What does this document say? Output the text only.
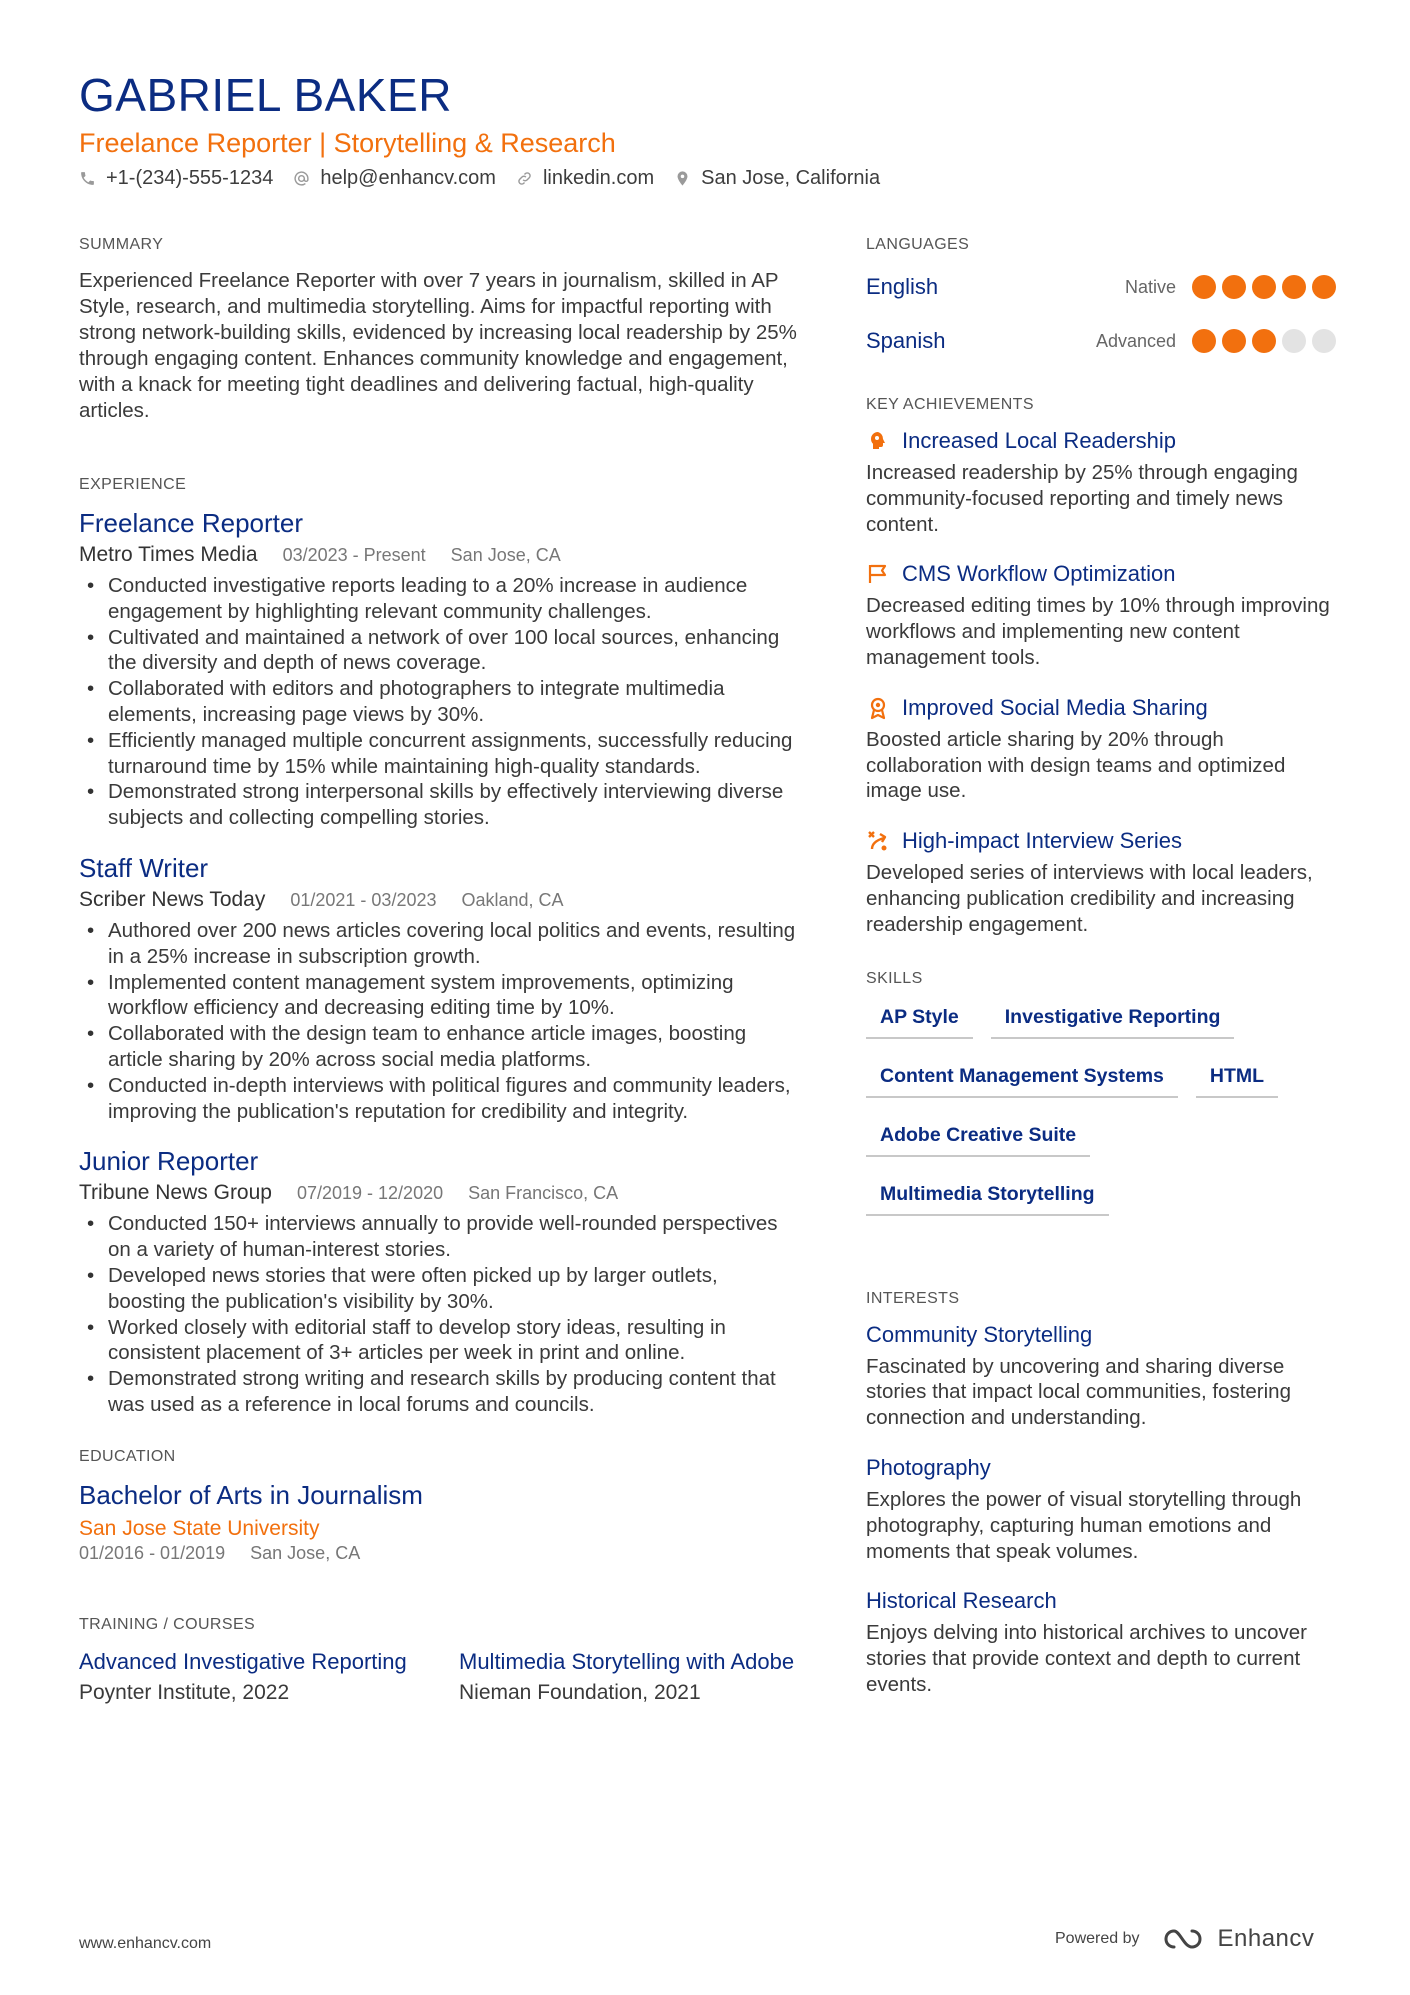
GABRIEL BAKER
Freelance Reporter | Storytelling & Research
+1-(234)-555-1234 help@enhancv.com linkedin.com San Jose, California
SUMMARY
Experienced Freelance Reporter with over 7 years in journalism, skilled in AP Style, research, and multimedia storytelling. Aims for impactful reporting with strong network-building skills, evidenced by increasing local readership by 25% through engaging content. Enhances community knowledge and engagement, with a knack for meeting tight deadlines and delivering factual, high-quality articles.
EXPERIENCE
Freelance Reporter
Metro Times Media 03/2023 - Present San Jose, CA
• Conducted investigative reports leading to a 20% increase in audience engagement by highlighting relevant community challenges.
• Cultivated and maintained a network of over 100 local sources, enhancing the diversity and depth of news coverage.
• Collaborated with editors and photographers to integrate multimedia elements, increasing page views by 30%.
• Efficiently managed multiple concurrent assignments, successfully reducing turnaround time by 15% while maintaining high-quality standards.
• Demonstrated strong interpersonal skills by effectively interviewing diverse subjects and collecting compelling stories.
Staff Writer
Scriber News Today 01/2021 - 03/2023 Oakland, CA
• Authored over 200 news articles covering local politics and events, resulting in a 25% increase in subscription growth.
• Implemented content management system improvements, optimizing workflow efficiency and decreasing editing time by 10%.
• Collaborated with the design team to enhance article images, boosting article sharing by 20% across social media platforms.
• Conducted in-depth interviews with political figures and community leaders, improving the publication's reputation for credibility and integrity.
Junior Reporter
Tribune News Group 07/2019 - 12/2020 San Francisco, CA
• Conducted 150+ interviews annually to provide well-rounded perspectives on a variety of human-interest stories.
• Developed news stories that were often picked up by larger outlets, boosting the publication's visibility by 30%.
• Worked closely with editorial staff to develop story ideas, resulting in consistent placement of 3+ articles per week in print and online.
• Demonstrated strong writing and research skills by producing content that was used as a reference in local forums and councils.
EDUCATION
Bachelor of Arts in Journalism
San Jose State University
01/2016 - 01/2019 San Jose, CA
TRAINING / COURSES
Advanced Investigative Reporting
Poynter Institute, 2022
Multimedia Storytelling with Adobe
Nieman Foundation, 2021
LANGUAGES
English	Native
Spanish	Advanced
KEY ACHIEVEMENTS
Increased Local Readership
Increased readership by 25% through engaging community-focused reporting and timely news content.
CMS Workflow Optimization
Decreased editing times by 10% through improving workflows and implementing new content management tools.
Improved Social Media Sharing
Boosted article sharing by 20% through collaboration with design teams and optimized image use.
High-impact Interview Series
Developed series of interviews with local leaders, enhancing publication credibility and increasing readership engagement.
SKILLS
AP Style	Investigative Reporting
Content Management Systems	HTML
Adobe Creative Suite
Multimedia Storytelling
INTERESTS
Community Storytelling
Fascinated by uncovering and sharing diverse stories that impact local communities, fostering connection and understanding.
Photography
Explores the power of visual storytelling through photography, capturing human emotions and moments that speak volumes.
Historical Research
Enjoys delving into historical archives to uncover stories that provide context and depth to current events.
www.enhancv.com	Powered by	Enhancv
